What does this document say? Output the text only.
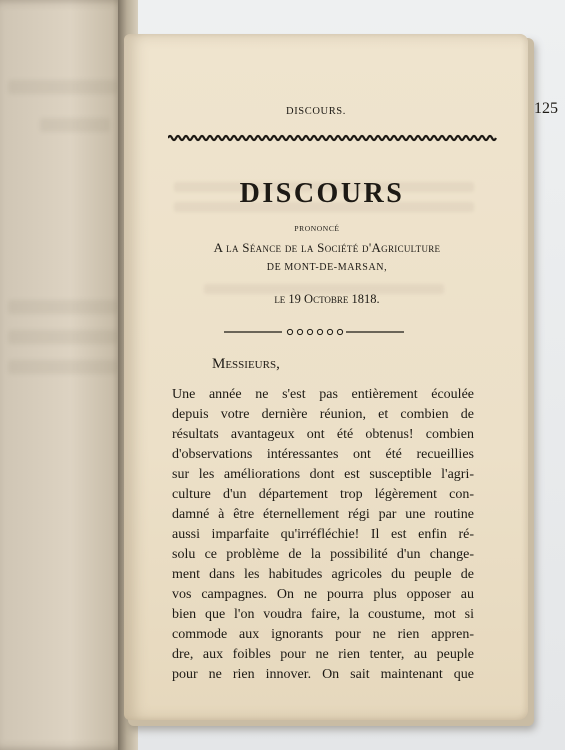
DISCOURS.	125
DISCOURS
PRONONCÉ
A la Séance de la Société d'Agriculture
DE MONT-DE-MARSAN,
le 19 Octobre 1818.
Messieurs,
Une année ne s'est pas entièrement écoulée
depuis votre dernière réunion, et combien de
résultats avantageux ont été obtenus! combien
d'observations intéressantes ont été recueillies
sur les améliorations dont est susceptible l'agri-
culture d'un département trop légèrement con-
damné à être éternellement régi par une routine
aussi imparfaite qu'irréfléchie! Il est enfin ré-
solu ce problème de la possibilité d'un change-
ment dans les habitudes agricoles du peuple de
vos campagnes. On ne pourra plus opposer au
bien que l'on voudra faire, la coustume, mot si
commode aux ignorants pour ne rien appren-
dre, aux foibles pour ne rien tenter, au peuple
pour ne rien innover. On sait maintenant que
